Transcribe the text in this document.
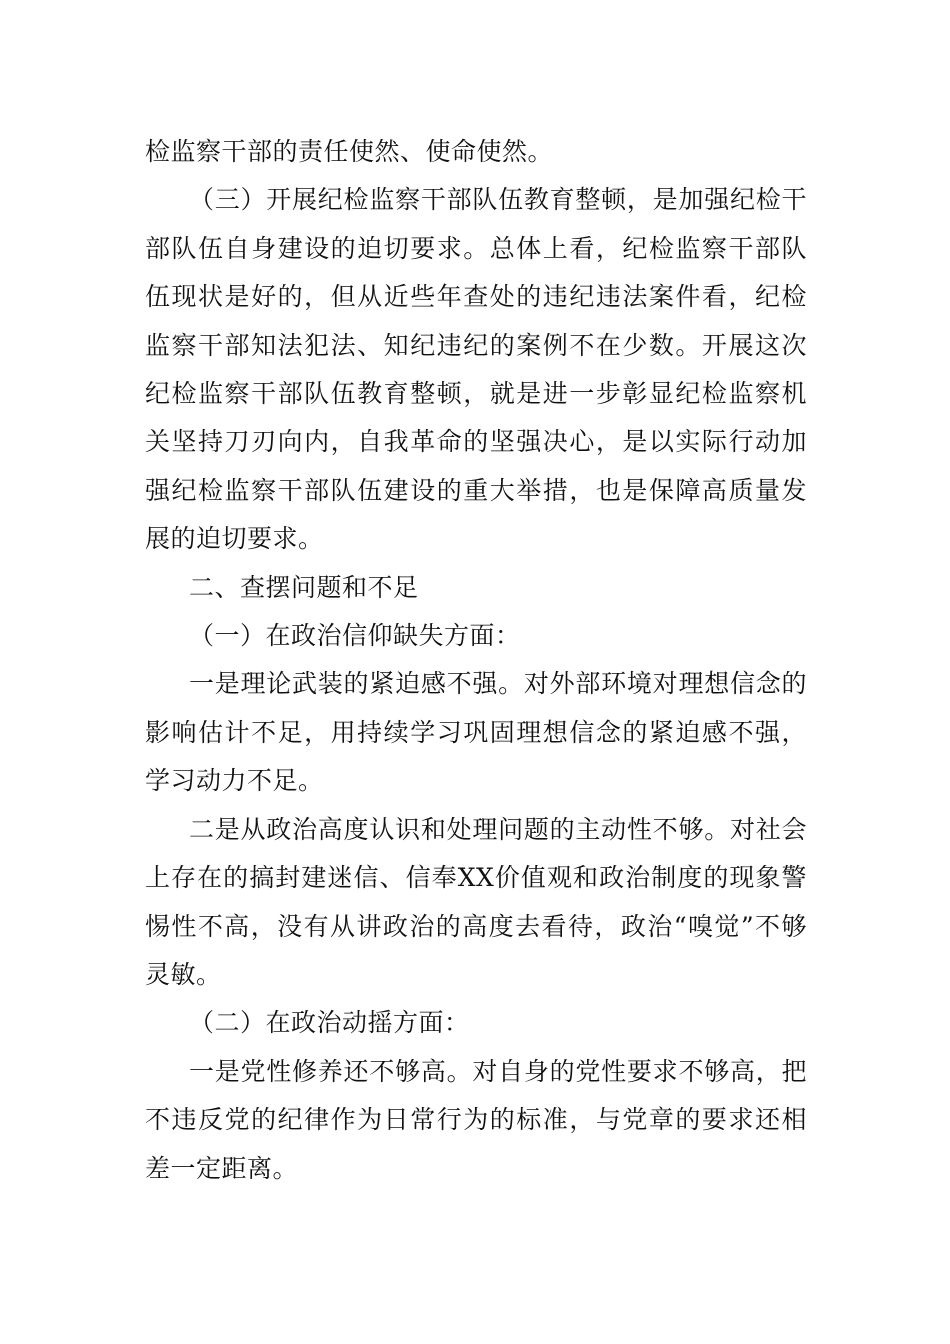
检监察干部的责任使然、使命使然。

（三）开展纪检监察干部队伍教育整顿，是加强纪检干部队伍自身建设的迫切要求。总体上看，纪检监察干部队伍现状是好的，但从近些年查处的违纪违法案件看，纪检监察干部知法犯法、知纪违纪的案例不在少数。开展这次纪检监察干部队伍教育整顿，就是进一步彰显纪检监察机关坚持刀刃向内，自我革命的坚强决心，是以实际行动加强纪检监察干部队伍建设的重大举措，也是保障高质量发展的迫切要求。

二、查摆问题和不足

（一）在政治信仰缺失方面：

一是理论武装的紧迫感不强。对外部环境对理想信念的影响估计不足，用持续学习巩固理想信念的紧迫感不强，学习动力不足。

二是从政治高度认识和处理问题的主动性不够。对社会上存在的搞封建迷信、信奉XX价值观和政治制度的现象警惕性不高，没有从讲政治的高度去看待，政治“嗅觉”不够灵敏。

（二）在政治动摇方面：

一是党性修养还不够高。对自身的党性要求不够高，把不违反党的纪律作为日常行为的标准，与党章的要求还相差一定距离。
